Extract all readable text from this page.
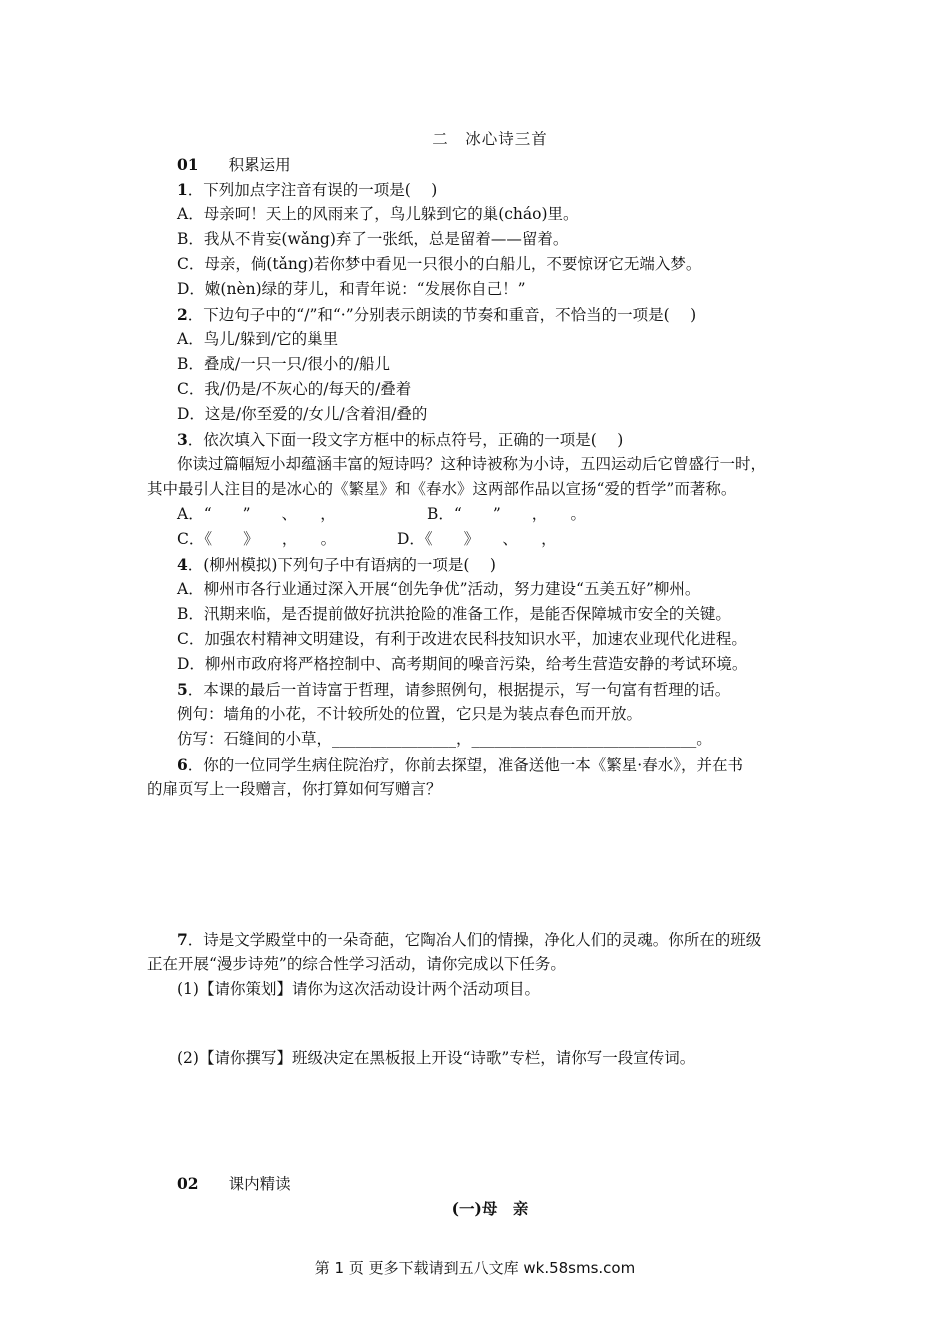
二　冰心诗三首
01 积累运用
1．下列加点字注音有误的一项是(　 )
A．母亲呵！天上的风雨来了，鸟儿躲到它的巢(cháo)里。
B．我从不肯妄(wǎng)弃了一张纸，总是留着——留着。
C．母亲，倘(tǎng)若你梦中看见一只很小的白船儿，不要惊讶它无端入梦。
D．嫩(nèn)绿的芽儿，和青年说：“发展你自己！”
2．下边句子中的“/”和“·”分别表示朗读的节奏和重音，不恰当的一项是(　 )
A．鸟儿/躲到/它的巢里
B．叠成/一只一只/很小的/船儿
C．我/仍是/不灰心的/每天的/叠着
D．这是/你至爱的/女儿/含着泪/叠的
3．依次填入下面一段文字方框中的标点符号，正确的一项是(　 )
你读过篇幅短小却蕴涵丰富的短诗吗？这种诗被称为小诗，五四运动后它曾盛行一时，
其中最引人注目的是冰心的《繁星》和《春水》这两部作品以宣扬“爱的哲学”而著称。
A．“　　”　　、　　，	B．“　　”　　，　　。
C．《　　》　　，　　。	D．《　　》　　、　　，
4．(柳州模拟)下列句子中有语病的一项是(　 )
A．柳州市各行业通过深入开展“创先争优”活动，努力建设“五美五好”柳州。
B．汛期来临，是否提前做好抗洪抢险的准备工作，是能否保障城市安全的关键。
C．加强农村精神文明建设，有利于改进农民科技知识水平，加速农业现代化进程。
D．柳州市政府将严格控制中、高考期间的噪音污染，给考生营造安静的考试环境。
5．本课的最后一首诗富于哲理，请参照例句，根据提示，写一句富有哲理的话。
例句：墙角的小花，不计较所处的位置，它只是为装点春色而开放。
仿写：石缝间的小草，________________，_____________________________。
6．你的一位同学生病住院治疗，你前去探望，准备送他一本《繁星·春水》，并在书
的扉页写上一段赠言，你打算如何写赠言？
7．诗是文学殿堂中的一朵奇葩，它陶冶人们的情操，净化人们的灵魂。你所在的班级
正在开展“漫步诗苑”的综合性学习活动，请你完成以下任务。
(1)【请你策划】请你为这次活动设计两个活动项目。
(2)【请你撰写】班级决定在黑板报上开设“诗歌”专栏，请你写一段宣传词。
02 课内精读
(一)母　亲
第 1 页 更多下载请到五八文库 wk.58sms.com
